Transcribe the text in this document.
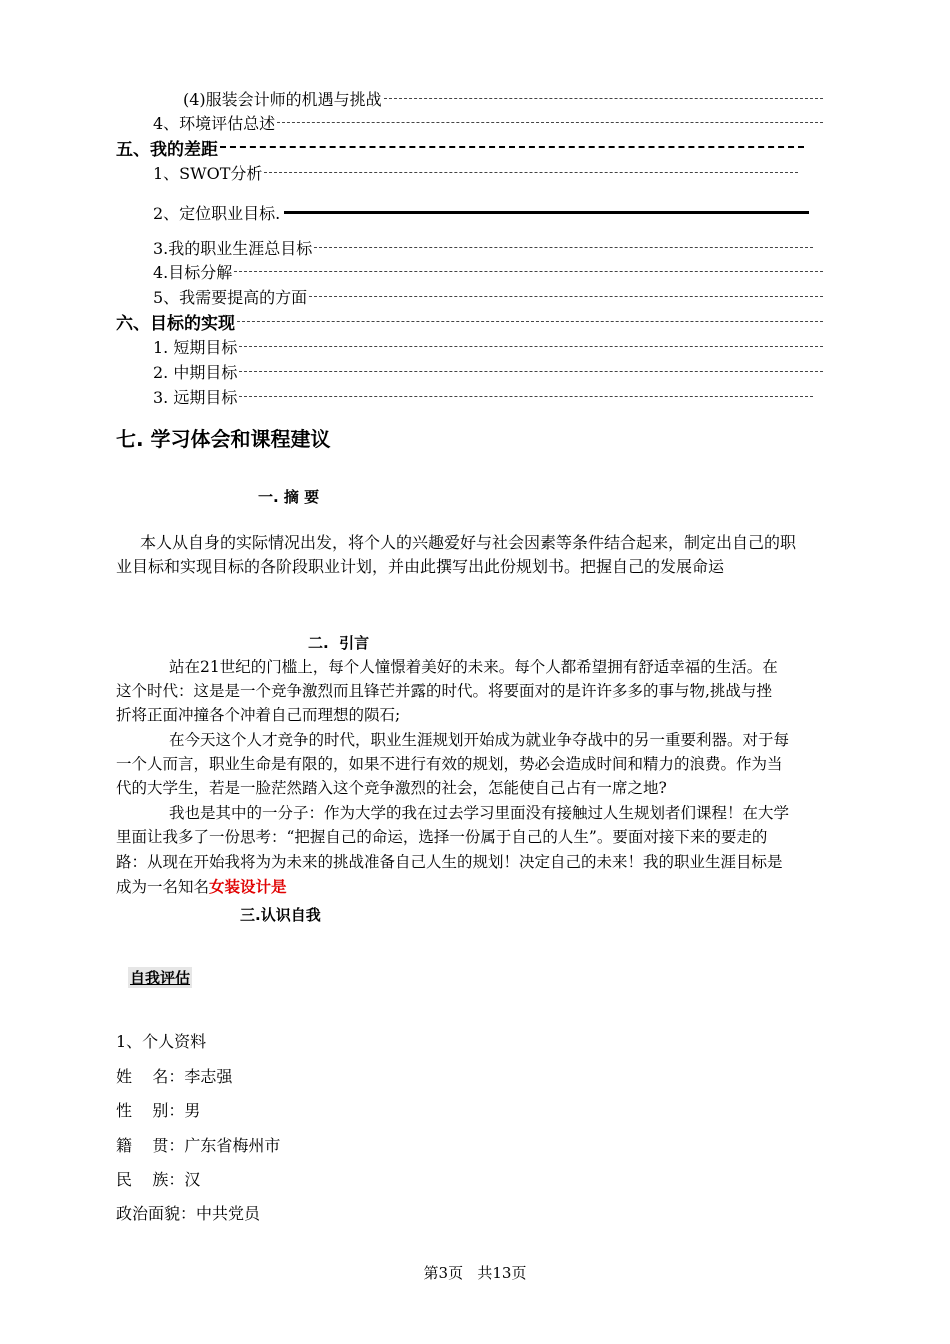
(4)服装会计师的机遇与挑战
4、环境评估总述
五、我的差距
1、SWOT分析
2、定位职业目标.
3.我的职业生涯总目标
4.目标分解
5、我需要提高的方面
六、目标的实现
1. 短期目标
2. 中期目标
3. 远期目标
七. 学习体会和课程建议
一. 摘 要
本人从自身的实际情况出发，将个人的兴趣爱好与社会因素等条件结合起来，制定出自己的职
业目标和实现目标的各阶段职业计划，并由此撰写出此份规划书。把握自己的发展命运
二.  引言
站在21世纪的门槛上，每个人憧憬着美好的未来。每个人都希望拥有舒适幸福的生活。在
这个时代：这是是一个竞争激烈而且锋芒并露的时代。将要面对的是许许多多的事与物,挑战与挫
折将正面冲撞各个冲着自己而理想的陨石;
在今天这个人才竞争的时代，职业生涯规划开始成为就业争夺战中的另一重要利器。对于每
一个人而言，职业生命是有限的，如果不进行有效的规划，势必会造成时间和精力的浪费。作为当
代的大学生，若是一脸茫然踏入这个竞争激烈的社会，怎能使自己占有一席之地?
我也是其中的一分子：作为大学的我在过去学习里面没有接触过人生规划者们课程！在大学
里面让我多了一份思考：“把握自己的命运，选择一份属于自己的人生”。要面对接下来的要走的
路：从现在开始我将为为未来的挑战准备自己人生的规划！决定自己的未来！我的职业生涯目标是
成为一名知名女装设计是
三.认识自我
自我评估
1、个人资料
姓    名：李志强
性    别：男
籍    贯：广东省梅州市
民    族：汉
政治面貌：中共党员
第3页   共13页
